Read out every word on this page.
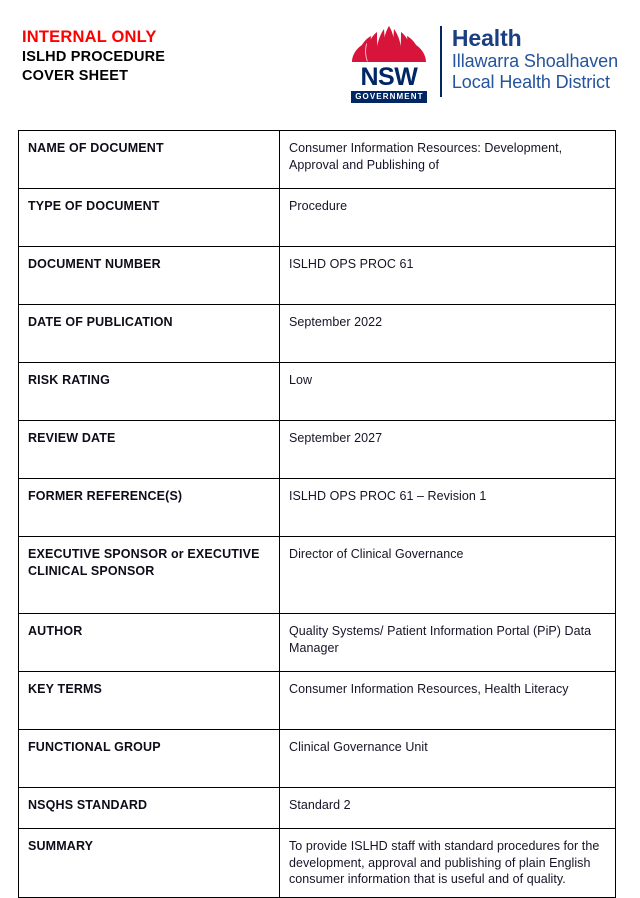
INTERNAL ONLY
ISLHD PROCEDURE
COVER SHEET	NSW
GOVERNMENT
Health
Illawarra Shoalhaven
Local Health District
NAME OF DOCUMENT	Consumer Information Resources: Development, Approval and Publishing of
TYPE OF DOCUMENT	Procedure
DOCUMENT NUMBER	ISLHD OPS PROC 61
DATE OF PUBLICATION	September 2022
RISK RATING	Low
REVIEW DATE	September 2027
FORMER REFERENCE(S)	ISLHD OPS PROC 61 – Revision 1
EXECUTIVE SPONSOR or EXECUTIVE CLINICAL SPONSOR	Director of Clinical Governance
AUTHOR	Quality Systems/ Patient Information Portal (PiP) Data Manager
KEY TERMS	Consumer Information Resources, Health Literacy
FUNCTIONAL GROUP	Clinical Governance Unit
NSQHS STANDARD	Standard 2
SUMMARY	To provide ISLHD staff with standard procedures for the development, approval and publishing of plain English consumer information that is useful and of quality.
